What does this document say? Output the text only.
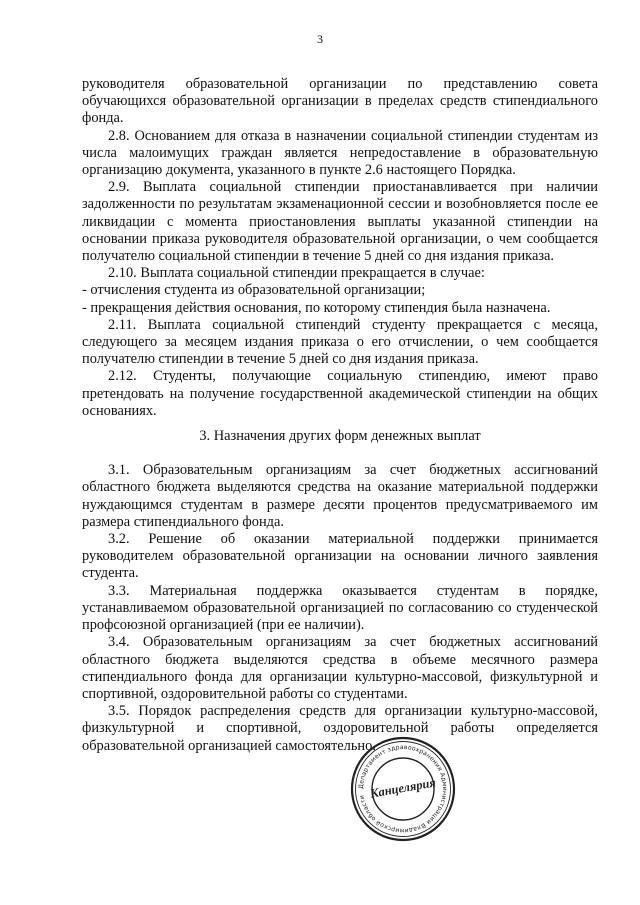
3

руководителя образовательной организации по представлению совета обучающихся образовательной организации в пределах средств стипендиального фонда.

2.8. Основанием для отказа в назначении социальной стипендии студентам из числа малоимущих граждан является непредоставление в образовательную организацию документа, указанного в пункте 2.6 настоящего Порядка.

2.9. Выплата социальной стипендии приостанавливается при наличии задолженности по результатам экзаменационной сессии и возобновляется после ее ликвидации с момента приостановления выплаты указанной стипендии на основании приказа руководителя образовательной организации, о чем сообщается получателю социальной стипендии в течение 5 дней со дня издания приказа.

2.10. Выплата социальной стипендии прекращается в случае:

- отчисления студента из образовательной организации;

- прекращения действия основания, по которому стипендия была назначена.

2.11. Выплата социальной стипендий студенту прекращается с месяца, следующего за месяцем издания приказа о его отчислении, о чем сообщается получателю стипендии в течение 5 дней со дня издания приказа.

2.12. Студенты, получающие социальную стипендию, имеют право претендовать на получение государственной академической стипендии на общих основаниях.

3. Назначения других форм денежных выплат

3.1. Образовательным организациям за счет бюджетных ассигнований областного бюджета выделяются средства на оказание материальной поддержки нуждающимся студентам в размере десяти процентов предусматриваемого им размера стипендиального фонда.

3.2. Решение об оказании материальной поддержки принимается руководителем образовательной организации на основании личного заявления студента.

3.3. Материальная поддержка оказывается студентам в порядке, устанавливаемом образовательной организацией по согласованию со студенческой профсоюзной организацией (при ее наличии).

3.4. Образовательным организациям за счет бюджетных ассигнований областного бюджета выделяются средства в объеме месячного размера стипендиального фонда для организации культурно-массовой, физкультурной и спортивной, оздоровительной работы со студентами.

3.5. Порядок распределения средств для организации культурно-массовой, физкультурной и спортивной, оздоровительной работы определяется образовательной организацией самостоятельно.

Департамент здравоохранения Администрации Владимирской области Канцелярия
